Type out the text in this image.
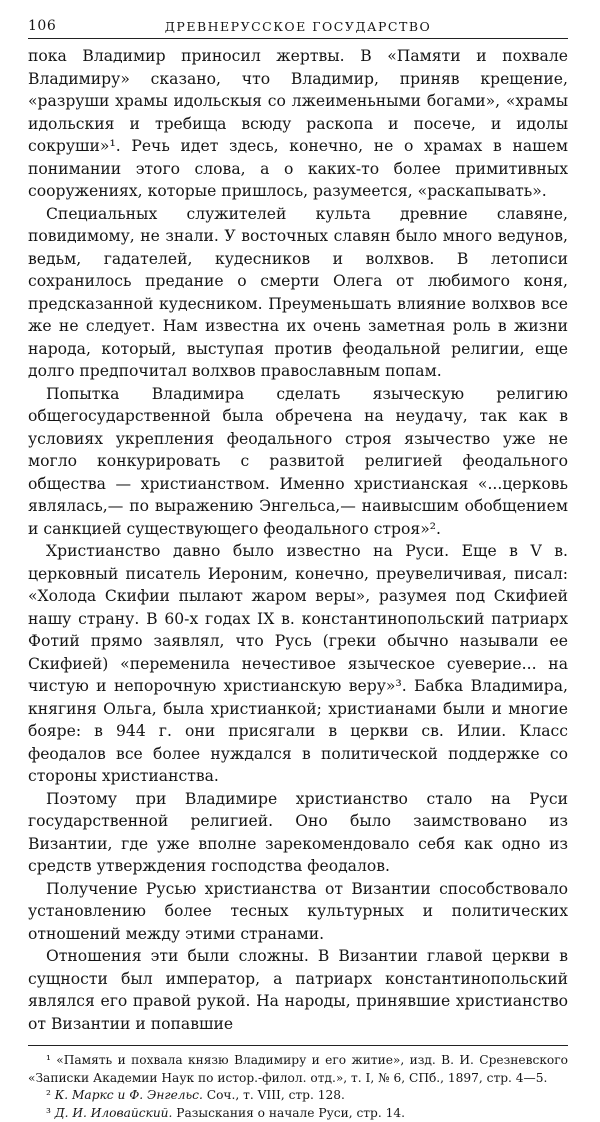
106	ДРЕВНЕРУССКОЕ ГОСУДАРСТВО

пока Владимир приносил жертвы. В «Памяти и похвале Владимиру» сказано, что Владимир, приняв крещение, «разруши храмы идольскыя со лжеименьными богами», «храмы идольския и требища всюду раскопа и посече, и идолы сокруши»¹. Речь идет здесь, конечно, не о храмах в нашем понимании этого слова, а о каких-то более примитивных сооружениях, которые пришлось, разумеется, «раскапывать».

Специальных служителей культа древние славяне, повидимому, не знали. У восточных славян было много ведунов, ведьм, гадателей, кудесников и волхвов. В летописи сохранилось предание о смерти Олега от любимого коня, предсказанной кудесником. Преуменьшать влияние волхвов все же не следует. Нам известна их очень заметная роль в жизни народа, который, выступая против феодальной религии, еще долго предпочитал волхвов православным попам.

Попытка Владимира сделать языческую религию общегосударственной была обречена на неудачу, так как в условиях укрепления феодального строя язычество уже не могло конкурировать с развитой религией феодального общества — христианством. Именно христианская «...церковь являлась,— по выражению Энгельса,— наивысшим обобщением и санкцией существующего феодального строя»².

Христианство давно было известно на Руси. Еще в V в. церковный писатель Иероним, конечно, преувеличивая, писал: «Холода Скифии пылают жаром веры», разумея под Скифией нашу страну. В 60-х годах IX в. константинопольский патриарх Фотий прямо заявлял, что Русь (греки обычно называли ее Скифией) «переменила нечестивое языческое суеверие... на чистую и непорочную христианскую веру»³. Бабка Владимира, княгиня Ольга, была христианкой; христианами были и многие бояре: в 944 г. они присягали в церкви св. Илии. Класс феодалов все более нуждался в политической поддержке со стороны христианства.

Поэтому при Владимире христианство стало на Руси государственной религией. Оно было заимствовано из Византии, где уже вполне зарекомендовало себя как одно из средств утверждения господства феодалов.

Получение Русью христианства от Византии способствовало установлению более тесных культурных и политических отношений между этими странами.

Отношения эти были сложны. В Византии главой церкви в сущности был император, а патриарх константинопольский являлся его правой рукой. На народы, принявшие христианство от Византии и попавшие

¹ «Память и похвала князю Владимиру и его житие», изд. В. И. Срезневского «Записки Академии Наук по истор.-филол. отд.», т. I, № 6, СПб., 1897, стр. 4—5.

² К. Маркс и Ф. Энгельс. Соч., т. VIII, стр. 128.

³ Д. И. Иловайский. Разыскания о начале Руси, стр. 14.
